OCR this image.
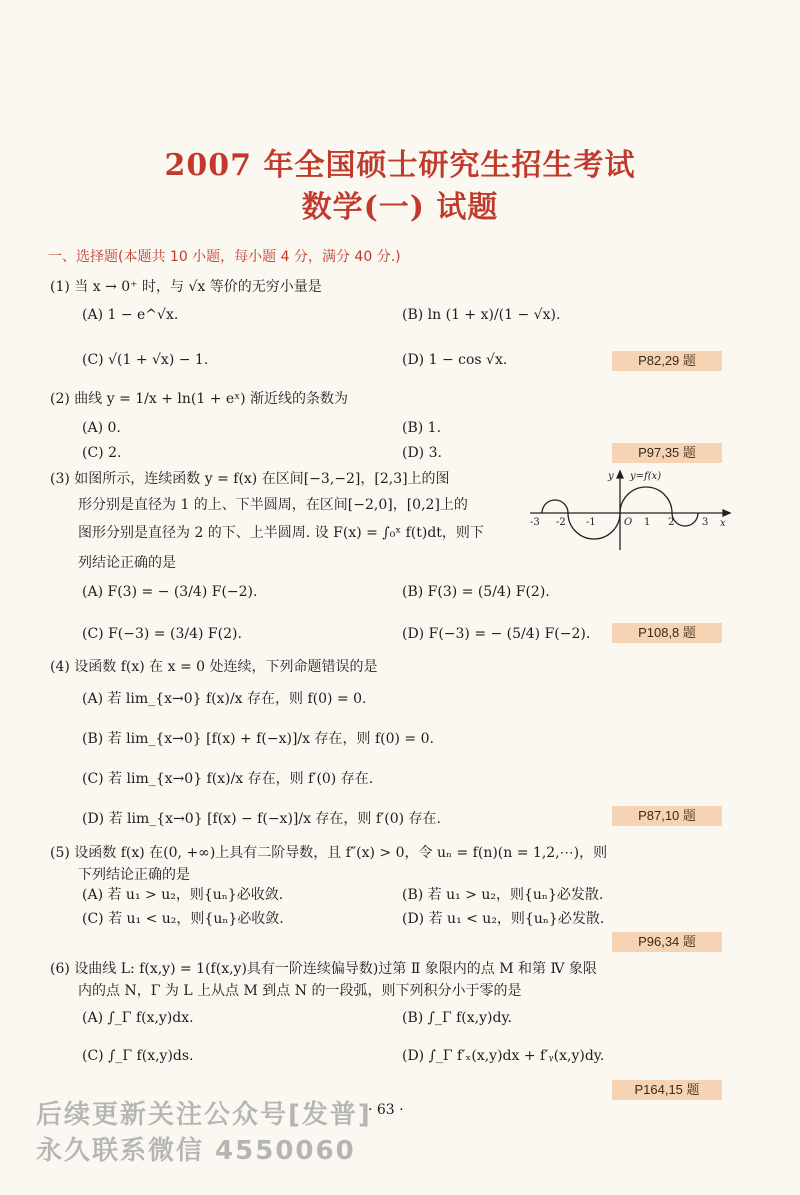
2007 年全国硕士研究生招生考试
数学(一) 试题
一、选择题(本题共 10 小题，每小题 4 分，满分 40 分.)
(1) 当 x → 0⁺ 时，与 √x 等价的无穷小量是
(A) 1 − e^√x.	(B) ln (1 + x)/(1 − √x).
(C) √(1 + √x) − 1.	(D) 1 − cos √x.	P82,29 题
(2) 曲线 y = 1/x + ln(1 + eˣ) 渐近线的条数为
(A) 0.	(B) 1.
(C) 2.	(D) 3.	P97,35 题
(3) 如图所示，连续函数 y = f(x) 在区间[−3,−2]，[2,3]上的图
形分别是直径为 1 的上、下半圆周，在区间[−2,0]，[0,2]上的
图形分别是直径为 2 的下、上半圆周. 设 F(x) = ∫₀ˣ f(t)dt，则下
列结论正确的是
y=f(x)
y
x
O
-3 -2 -1	1 2	3
(A) F(3) = − (3/4) F(−2).	(B) F(3) = (5/4) F(2).
(C) F(−3) = (3/4) F(2).	(D) F(−3) = − (5/4) F(−2).	P108,8 题
(4) 设函数 f(x) 在 x = 0 处连续，下列命题错误的是
(A) 若 lim_{x→0} f(x)/x 存在，则 f(0) = 0.
(B) 若 lim_{x→0} [f(x) + f(−x)]/x 存在，则 f(0) = 0.
(C) 若 lim_{x→0} f(x)/x 存在，则 f′(0) 存在.
(D) 若 lim_{x→0} [f(x) − f(−x)]/x 存在，则 f′(0) 存在.	P87,10 题
(5) 设函数 f(x) 在(0, +∞)上具有二阶导数，且 f″(x) > 0，令 uₙ = f(n)(n = 1,2,⋯)，则
下列结论正确的是
(A) 若 u₁ > u₂，则{uₙ}必收敛.	(B) 若 u₁ > u₂，则{uₙ}必发散.
(C) 若 u₁ < u₂，则{uₙ}必收敛.	(D) 若 u₁ < u₂，则{uₙ}必发散.
P96,34 题
(6) 设曲线 L: f(x,y) = 1(f(x,y)具有一阶连续偏导数)过第 Ⅱ 象限内的点 M 和第 Ⅳ 象限
内的点 N，Γ 为 L 上从点 M 到点 N 的一段弧，则下列积分小于零的是
(A) ∫_Γ f(x,y)dx.	(B) ∫_Γ f(x,y)dy.
(C) ∫_Γ f(x,y)ds.	(D) ∫_Γ f′ₓ(x,y)dx + f′ᵧ(x,y)dy.
P164,15 题
· 63 ·
后续更新关注公众号[发普]
永久联系微信 4550060
